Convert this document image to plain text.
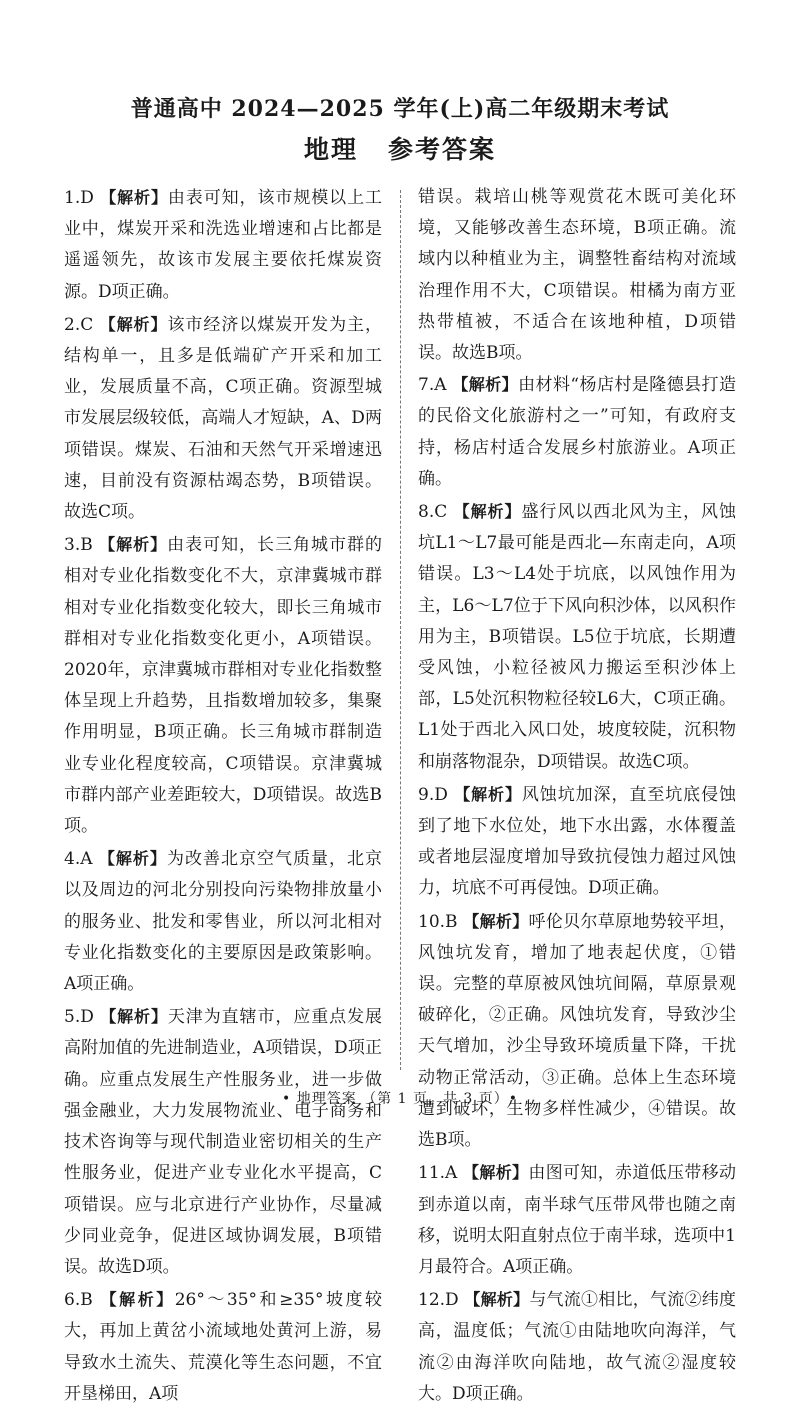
普通高中 2024—2025 学年(上)高二年级期末考试
地理 参考答案

1.D 【解析】由表可知，该市规模以上工业中，煤炭开采和洗选业增速和占比都是遥遥领先，故该市发展主要依托煤炭资源。D项正确。

2.C 【解析】该市经济以煤炭开发为主，结构单一，且多是低端矿产开采和加工业，发展质量不高，C项正确。资源型城市发展层级较低，高端人才短缺，A、D两项错误。煤炭、石油和天然气开采增速迅速，目前没有资源枯竭态势，B项错误。故选C项。

3.B 【解析】由表可知，长三角城市群的相对专业化指数变化不大，京津冀城市群相对专业化指数变化较大，即长三角城市群相对专业化指数变化更小，A项错误。2020年，京津冀城市群相对专业化指数整体呈现上升趋势，且指数增加较多，集聚作用明显，B项正确。长三角城市群制造业专业化程度较高，C项错误。京津冀城市群内部产业差距较大，D项错误。故选B项。

4.A 【解析】为改善北京空气质量，北京以及周边的河北分别投向污染物排放量小的服务业、批发和零售业，所以河北相对专业化指数变化的主要原因是政策影响。A项正确。

5.D 【解析】天津为直辖市，应重点发展高附加值的先进制造业，A项错误，D项正确。应重点发展生产性服务业，进一步做强金融业，大力发展物流业、电子商务和技术咨询等与现代制造业密切相关的生产性服务业，促进产业专业化水平提高，C项错误。应与北京进行产业协作，尽量减少同业竞争，促进区域协调发展，B项错误。故选D项。

6.B 【解析】26°～35°和≥35°坡度较大，再加上黄岔小流域地处黄河上游，易导致水土流失、荒漠化等生态问题，不宜开垦梯田，A项

错误。栽培山桃等观赏花木既可美化环境，又能够改善生态环境，B项正确。流域内以种植业为主，调整牲畜结构对流域治理作用不大，C项错误。柑橘为南方亚热带植被，不适合在该地种植，D项错误。故选B项。

7.A 【解析】由材料“杨店村是隆德县打造的民俗文化旅游村之一”可知，有政府支持，杨店村适合发展乡村旅游业。A项正确。

8.C 【解析】盛行风以西北风为主，风蚀坑L1～L7最可能是西北—东南走向，A项错误。L3～L4处于坑底，以风蚀作用为主，L6～L7位于下风向积沙体，以风积作用为主，B项错误。L5位于坑底，长期遭受风蚀，小粒径被风力搬运至积沙体上部，L5处沉积物粒径较L6大，C项正确。L1处于西北入风口处，坡度较陡，沉积物和崩落物混杂，D项错误。故选C项。

9.D 【解析】风蚀坑加深，直至坑底侵蚀到了地下水位处，地下水出露，水体覆盖或者地层湿度增加导致抗侵蚀力超过风蚀力，坑底不可再侵蚀。D项正确。

10.B 【解析】呼伦贝尔草原地势较平坦，风蚀坑发育，增加了地表起伏度，①错误。完整的草原被风蚀坑间隔，草原景观破碎化，②正确。风蚀坑发育，导致沙尘天气增加，沙尘导致环境质量下降，干扰动物正常活动，③正确。总体上生态环境遭到破坏，生物多样性减少，④错误。故选B项。

11.A 【解析】由图可知，赤道低压带移动到赤道以南，南半球气压带风带也随之南移，说明太阳直射点位于南半球，选项中1月最符合。A项正确。

12.D 【解析】与气流①相比，气流②纬度高，温度低；气流①由陆地吹向海洋，气流②由海洋吹向陆地，故气流②湿度较大。D项正确。

• 地理答案 （第 1 页，共 3 页）•
